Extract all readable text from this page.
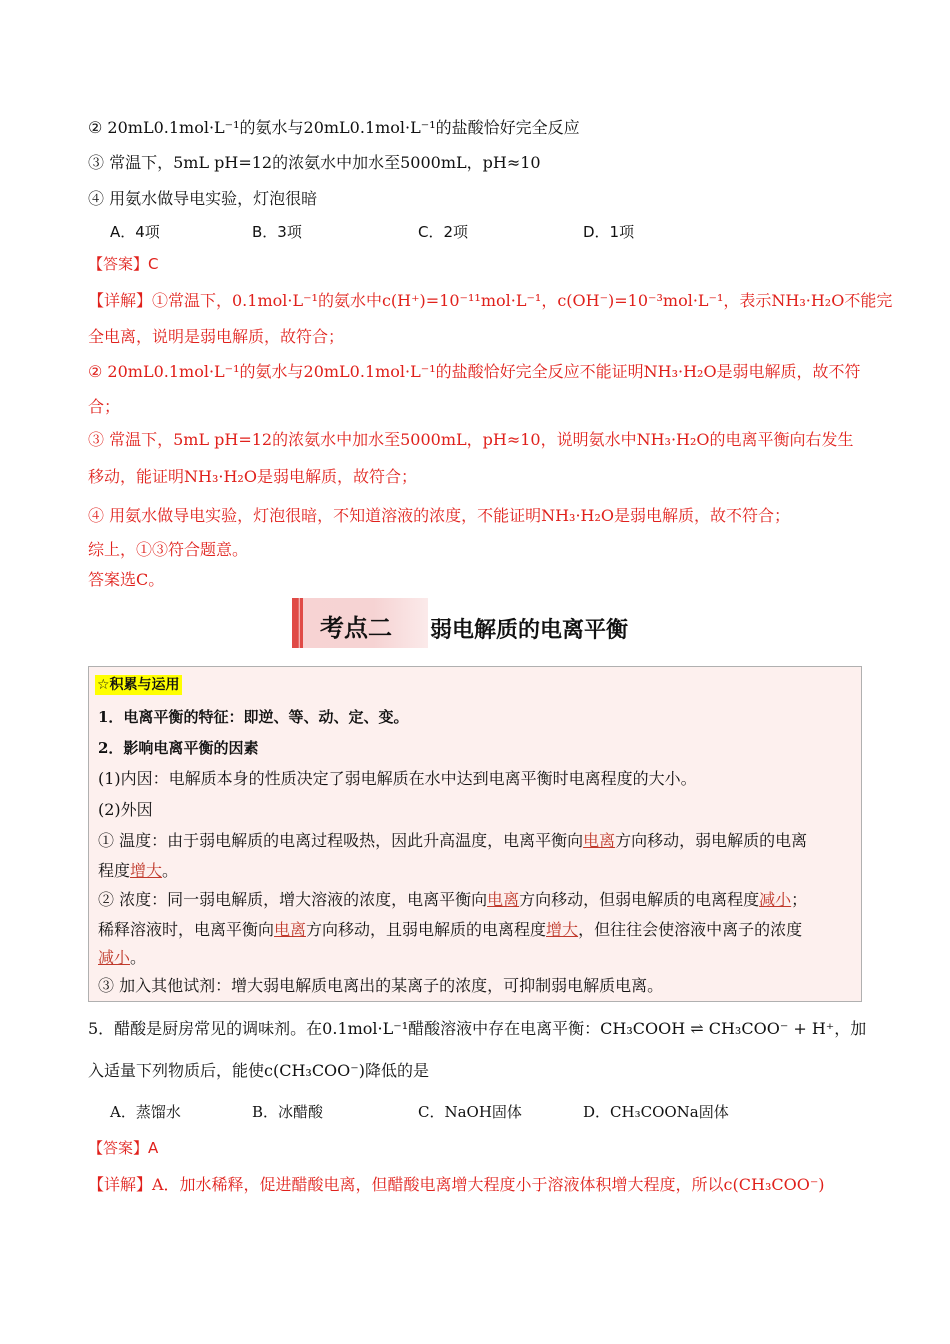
② 20mL0.1mol·L⁻¹的氨水与20mL0.1mol·L⁻¹的盐酸恰好完全反应
③ 常温下，5mL pH=12的浓氨水中加水至5000mL，pH≈10
④ 用氨水做导电实验，灯泡很暗
A．4项	B．3项	C．2项	D．1项
【答案】C
【详解】①常温下，0.1mol·L⁻¹的氨水中c(H⁺)=10⁻¹¹mol·L⁻¹，c(OH⁻)=10⁻³mol·L⁻¹，表示NH₃·H₂O不能完
全电离，说明是弱电解质，故符合；
② 20mL0.1mol·L⁻¹的氨水与20mL0.1mol·L⁻¹的盐酸恰好完全反应不能证明NH₃·H₂O是弱电解质，故不符
合；
③ 常温下，5mL pH=12的浓氨水中加水至5000mL，pH≈10，说明氨水中NH₃·H₂O的电离平衡向右发生
移动，能证明NH₃·H₂O是弱电解质，故符合；
④ 用氨水做导电实验，灯泡很暗，不知道溶液的浓度，不能证明NH₃·H₂O是弱电解质，故不符合；
综上，①③符合题意。
答案选C。
考点二 弱电解质的电离平衡
☆积累与运用
1．电离平衡的特征：即逆、等、动、定、变。
2．影响电离平衡的因素
(1)内因：电解质本身的性质决定了弱电解质在水中达到电离平衡时电离程度的大小。
(2)外因
① 温度：由于弱电解质的电离过程吸热，因此升高温度，电离平衡向电离方向移动，弱电解质的电离
程度增大。
② 浓度：同一弱电解质，增大溶液的浓度，电离平衡向电离方向移动，但弱电解质的电离程度减小；
稀释溶液时，电离平衡向电离方向移动，且弱电解质的电离程度增大，但往往会使溶液中离子的浓度
减小。
③ 加入其他试剂：增大弱电解质电离出的某离子的浓度，可抑制弱电解质电离。
5．醋酸是厨房常见的调味剂。在0.1mol·L⁻¹醋酸溶液中存在电离平衡：CH₃COOH ⇌ CH₃COO⁻ + H⁺，加
入适量下列物质后，能使c(CH₃COO⁻)降低的是
A．蒸馏水	B．冰醋酸	C．NaOH固体	D．CH₃COONa固体
【答案】A
【详解】A．加水稀释，促进醋酸电离，但醋酸电离增大程度小于溶液体积增大程度，所以c(CH₃COO⁻)
